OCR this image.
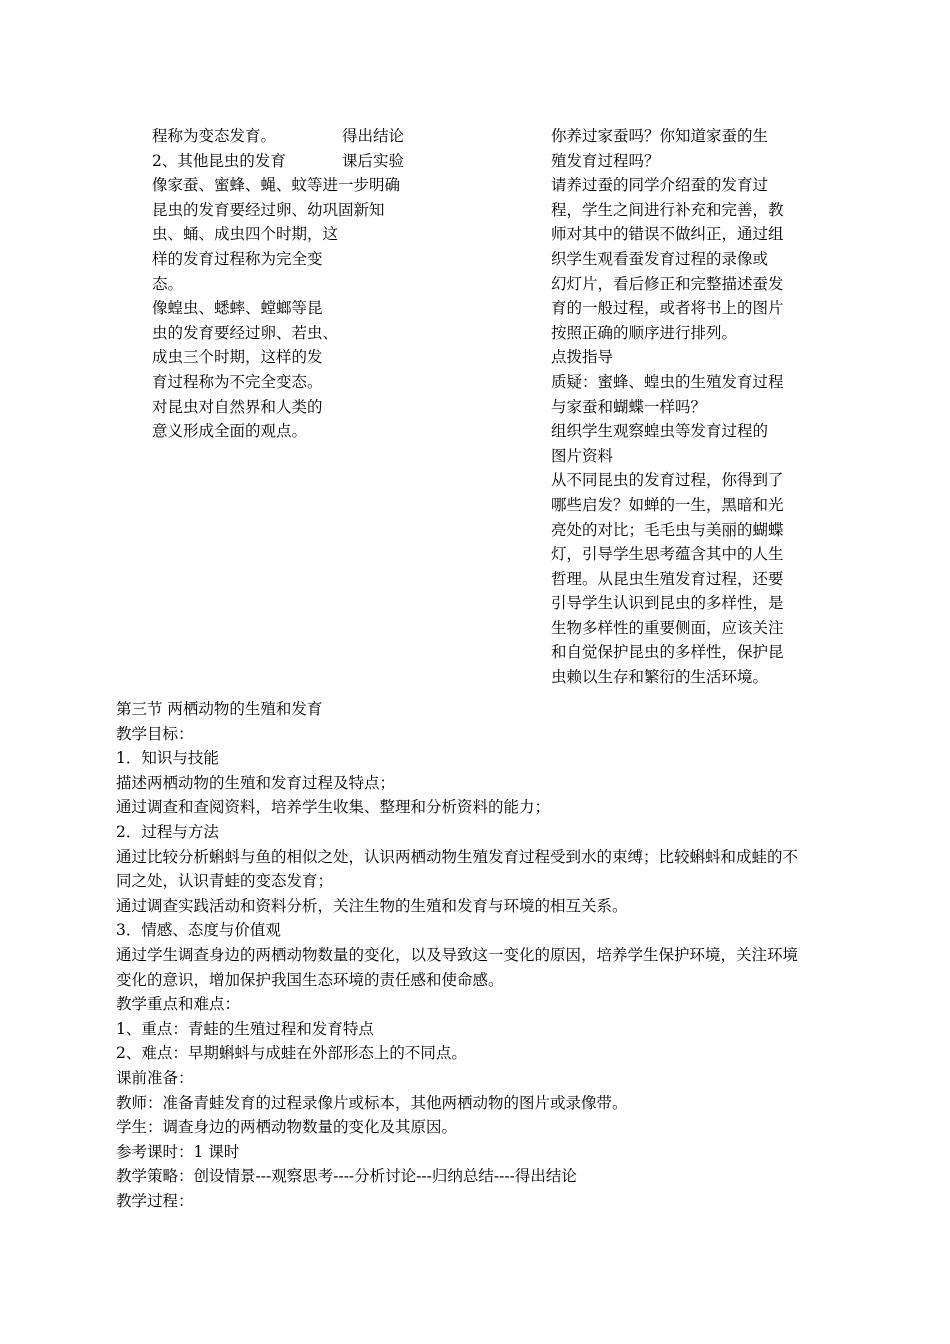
程称为变态发育。
2、其他昆虫的发育
像家蚕、蜜蜂、蝇、蚊等进一步明确
昆虫的发育要经过卵、幼巩固新知
虫、蛹、成虫四个时期，这
样的发育过程称为完全变
态。
像蝗虫、蟋蟀、螳螂等昆
虫的发育要经过卵、若虫、
成虫三个时期，这样的发
育过程称为不完全变态。
对昆虫对自然界和人类的
意义形成全面的观点。
得出结论
课后实验
你养过家蚕吗？你知道家蚕的生
殖发育过程吗？
请养过蚕的同学介绍蚕的发育过
程，学生之间进行补充和完善，教
师对其中的错误不做纠正，通过组
织学生观看蚕发育过程的录像或
幻灯片，看后修正和完整描述蚕发
育的一般过程，或者将书上的图片
按照正确的顺序进行排列。
点拨指导
质疑：蜜蜂、蝗虫的生殖发育过程
与家蚕和蝴蝶一样吗？
组织学生观察蝗虫等发育过程的
图片资料
从不同昆虫的发育过程，你得到了
哪些启发？如蝉的一生，黑暗和光
亮处的对比；毛毛虫与美丽的蝴蝶
灯，引导学生思考蕴含其中的人生
哲理。从昆虫生殖发育过程，还要
引导学生认识到昆虫的多样性，是
生物多样性的重要侧面，应该关注
和自觉保护昆虫的多样性，保护昆
虫赖以生存和繁衍的生活环境。
第三节 两栖动物的生殖和发育
教学目标：
1．知识与技能
描述两栖动物的生殖和发育过程及特点；
通过调查和查阅资料，培养学生收集、整理和分析资料的能力；
2．过程与方法
通过比较分析蝌蚪与鱼的相似之处，认识两栖动物生殖发育过程受到水的束缚；比较蝌蚪和成蛙的不
同之处，认识青蛙的变态发育；
通过调查实践活动和资料分析，关注生物的生殖和发育与环境的相互关系。
3．情感、态度与价值观
通过学生调查身边的两栖动物数量的变化，以及导致这一变化的原因，培养学生保护环境，关注环境
变化的意识，增加保护我国生态环境的责任感和使命感。
教学重点和难点：
1、重点：青蛙的生殖过程和发育特点
2、难点：早期蝌蚪与成蛙在外部形态上的不同点。
课前准备：
教师：准备青蛙发育的过程录像片或标本，其他两栖动物的图片或录像带。
学生：调查身边的两栖动物数量的变化及其原因。
参考课时：1 课时
教学策略：创设情景---观察思考----分析讨论---归纳总结----得出结论
教学过程：
